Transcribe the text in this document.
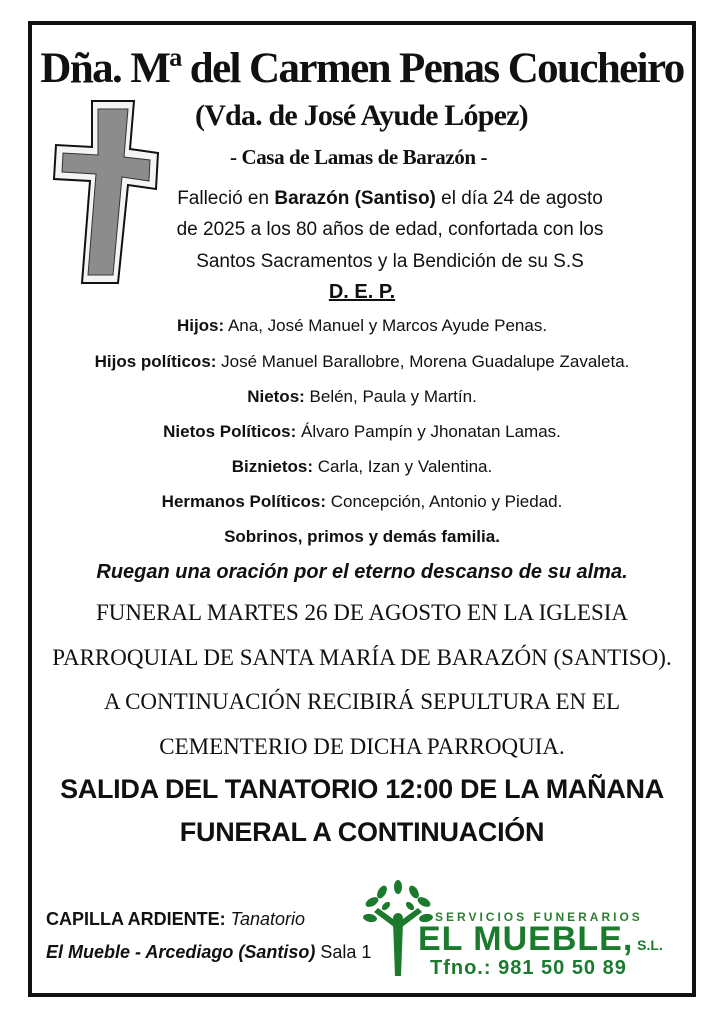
Dña. Mª del Carmen Penas Coucheiro
(Vda. de José Ayude López)
- Casa de Lamas de Barazón -
Falleció en Barazón (Santiso) el día 24 de agosto
de 2025 a los 80 años de edad, confortada con los
Santos Sacramentos y la Bendición de su S.S
D. E. P.
Hijos: Ana, José Manuel y Marcos Ayude Penas.
Hijos políticos: José Manuel Barallobre, Morena Guadalupe Zavaleta.
Nietos: Belén, Paula y Martín.
Nietos Políticos: Álvaro Pampín y Jhonatan Lamas.
Biznietos: Carla, Izan y Valentina.
Hermanos Políticos: Concepción, Antonio y Piedad.
Sobrinos, primos y demás familia.
Ruegan una oración por el eterno descanso de su alma.
FUNERAL MARTES 26 DE AGOSTO EN LA IGLESIA
PARROQUIAL DE SANTA MARÍA DE BARAZÓN (SANTISO).
A CONTINUACIÓN RECIBIRÁ SEPULTURA EN EL
CEMENTERIO DE DICHA PARROQUIA.
SALIDA DEL TANATORIO 12:00 DE LA MAÑANA
FUNERAL A CONTINUACIÓN
CAPILLA ARDIENTE: Tanatorio
El Mueble - Arcediago (Santiso) Sala 1
SERVICIOS FUNERARIOS
EL MUEBLE, S.L.
Tfno.: 981 50 50 89
